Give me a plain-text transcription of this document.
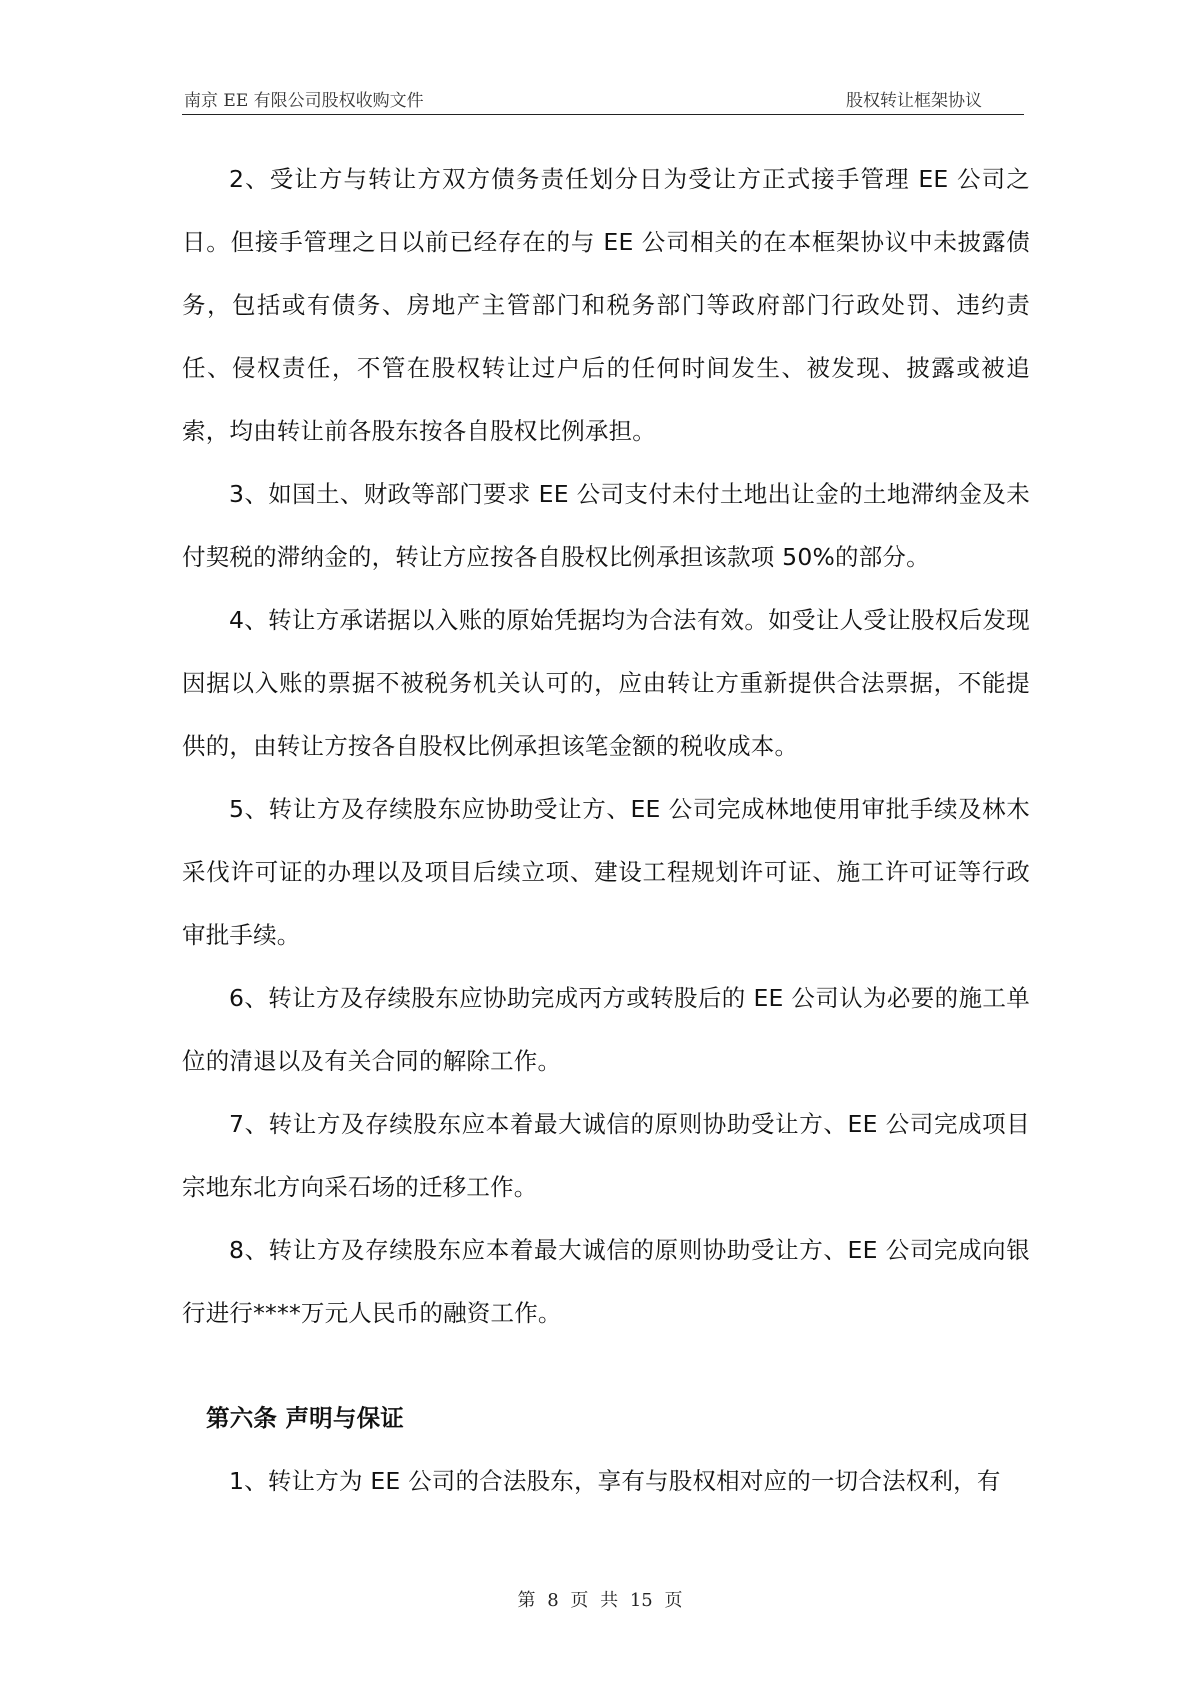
南京 EE 有限公司股权收购文件	股权转让框架协议

2、受让方与转让方双方债务责任划分日为受让方正式接手管理 EE 公司之日。但接手管理之日以前已经存在的与 EE 公司相关的在本框架协议中未披露债务，包括或有债务、房地产主管部门和税务部门等政府部门行政处罚、违约责任、侵权责任，不管在股权转让过户后的任何时间发生、被发现、披露或被追索，均由转让前各股东按各自股权比例承担。

3、如国土、财政等部门要求 EE 公司支付未付土地出让金的土地滞纳金及未付契税的滞纳金的，转让方应按各自股权比例承担该款项 50%的部分。

4、转让方承诺据以入账的原始凭据均为合法有效。如受让人受让股权后发现因据以入账的票据不被税务机关认可的，应由转让方重新提供合法票据，不能提供的，由转让方按各自股权比例承担该笔金额的税收成本。

5、转让方及存续股东应协助受让方、EE 公司完成林地使用审批手续及林木采伐许可证的办理以及项目后续立项、建设工程规划许可证、施工许可证等行政审批手续。

6、转让方及存续股东应协助完成丙方或转股后的 EE 公司认为必要的施工单位的清退以及有关合同的解除工作。

7、转让方及存续股东应本着最大诚信的原则协助受让方、EE 公司完成项目宗地东北方向采石场的迁移工作。

8、转让方及存续股东应本着最大诚信的原则协助受让方、EE 公司完成向银行进行****万元人民币的融资工作。

第六条 声明与保证

1、转让方为 EE 公司的合法股东，享有与股权相对应的一切合法权利，有

第 8 页 共 15 页
